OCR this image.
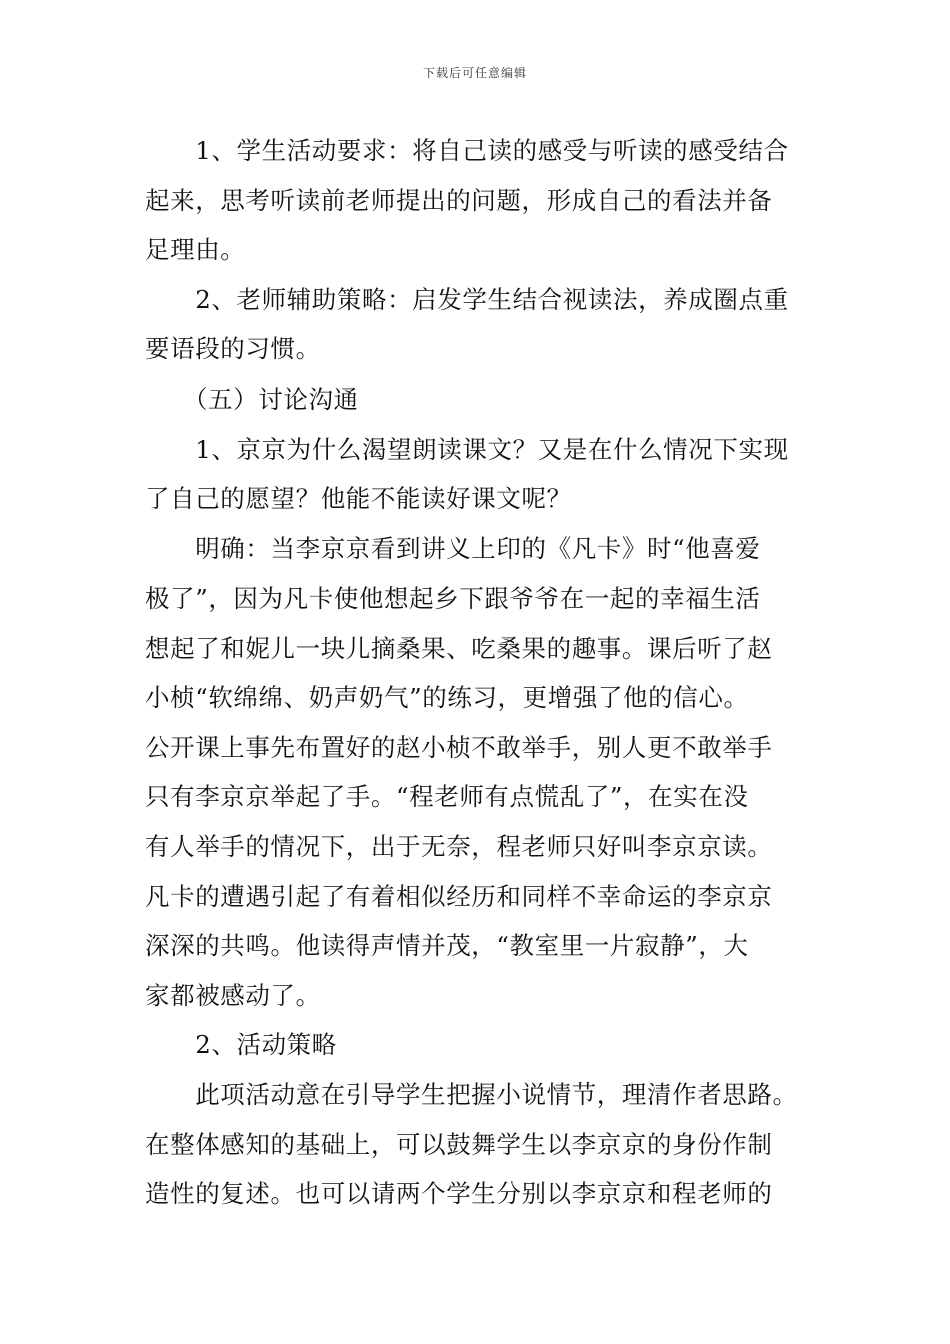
下载后可任意编辑
　　1、学生活动要求：将自己读的感受与听读的感受结合
起来，思考听读前老师提出的问题，形成自己的看法并备
足理由。
　　2、老师辅助策略：启发学生结合视读法，养成圈点重
要语段的习惯。
　　（五）讨论沟通
　　1、京京为什么渴望朗读课文？又是在什么情况下实现
了自己的愿望？他能不能读好课文呢？
　　明确：当李京京看到讲义上印的《凡卡》时“他喜爱
极了”，因为凡卡使他想起乡下跟爷爷在一起的幸福生活
想起了和妮儿一块儿摘桑果、吃桑果的趣事。课后听了赵
小桢“软绵绵、奶声奶气”的练习，更增强了他的信心。
公开课上事先布置好的赵小桢不敢举手，别人更不敢举手
只有李京京举起了手。“程老师有点慌乱了”，在实在没
有人举手的情况下，出于无奈，程老师只好叫李京京读。
凡卡的遭遇引起了有着相似经历和同样不幸命运的李京京
深深的共鸣。他读得声情并茂，“教室里一片寂静”，大
家都被感动了。
　　2、活动策略
　　此项活动意在引导学生把握小说情节，理清作者思路。
在整体感知的基础上，可以鼓舞学生以李京京的身份作制
造性的复述。也可以请两个学生分别以李京京和程老师的
